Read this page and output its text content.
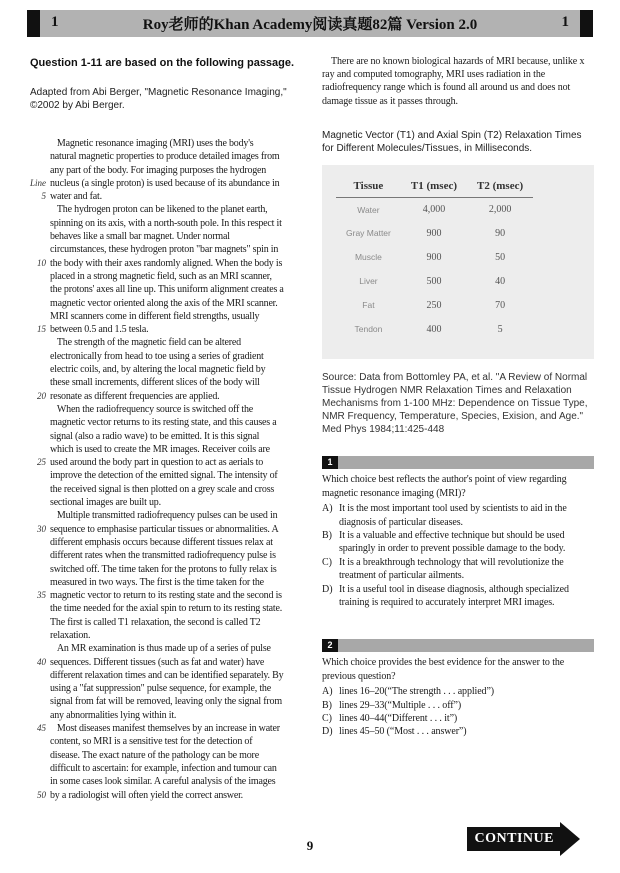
Roy老师的Khan Academy阅读真题82篇 Version 2.0
1	1
Question 1-11 are based on the following passage.
Adapted from Abi Berger, "Magnetic Resonance Imaging," ©2002 by Abi Berger.
Magnetic resonance imaging (MRI) uses the body's
natural magnetic properties to produce detailed images from
any part of the body. For imaging purposes the hydrogen
Line nucleus (a single proton) is used because of its abundance in
5 water and fat.
The hydrogen proton can be likened to the planet earth,
spinning on its axis, with a north-south pole. In this respect it
behaves like a small bar magnet. Under normal
circumstances, these hydrogen proton "bar magnets" spin in
10 the body with their axes randomly aligned. When the body is
placed in a strong magnetic field, such as an MRI scanner,
the protons' axes all line up. This uniform alignment creates a
magnetic vector oriented along the axis of the MRI scanner.
MRI scanners come in different field strengths, usually
15 between 0.5 and 1.5 tesla.
The strength of the magnetic field can be altered
electronically from head to toe using a series of gradient
electric coils, and, by altering the local magnetic field by
these small increments, different slices of the body will
20 resonate as different frequencies are applied.
When the radiofrequency source is switched off the
magnetic vector returns to its resting state, and this causes a
signal (also a radio wave) to be emitted. It is this signal
which is used to create the MR images. Receiver coils are
25 used around the body part in question to act as aerials to
improve the detection of the emitted signal. The intensity of
the received signal is then plotted on a grey scale and cross
sectional images are built up.
Multiple transmitted radiofrequency pulses can be used in
30 sequence to emphasise particular tissues or abnormalities. A
different emphasis occurs because different tissues relax at
different rates when the transmitted radiofrequency pulse is
switched off. The time taken for the protons to fully relax is
measured in two ways. The first is the time taken for the
35 magnetic vector to return to its resting state and the second is
the time needed for the axial spin to return to its resting state.
The first is called T1 relaxation, the second is called T2
relaxation.
An MR examination is thus made up of a series of pulse
40 sequences. Different tissues (such as fat and water) have
different relaxation times and can be identified separately. By
using a "fat suppression" pulse sequence, for example, the
signal from fat will be removed, leaving only the signal from
any abnormalities lying within it.
45 Most diseases manifest themselves by an increase in water
content, so MRI is a sensitive test for the detection of
disease. The exact nature of the pathology can be more
difficult to ascertain: for example, infection and tumour can
in some cases look similar. A careful analysis of the images
50 by a radiologist will often yield the correct answer.
There are no known biological hazards of MRI because, unlike x ray and computed tomography, MRI uses radiation in the radiofrequency range which is found all around us and does not damage tissue as it passes through.
Magnetic Vector (T1) and Axial Spin (T2) Relaxation Times for Different Molecules/Tissues, in Milliseconds.
Tissue	T1 (msec)	T2 (msec)
Water	4,000	2,000
Gray Matter	900	90
Muscle	900	50
Liver	500	40
Fat	250	70
Tendon	400	5
Source: Data from Bottomley PA, et al. "A Review of Normal Tissue Hydrogen NMR Relaxation Times and Relaxation Mechanisms from 1-100 MHz: Dependence on Tissue Type, NMR Frequency, Temperature, Species, Exision, and Age." Med Phys 1984;11:425-448
1
Which choice best reflects the author's point of view regarding magnetic resonance imaging (MRI)?
A) It is the most important tool used by scientists to aid in the diagnosis of particular diseases.
B) It is a valuable and effective technique but should be used sparingly in order to prevent possible damage to the body.
C) It is a breakthrough technology that will revolutionize the treatment of particular ailments.
D) It is a useful tool in disease diagnosis, although specialized training is required to accurately interpret MRI images.
2
Which choice provides the best evidence for the answer to the previous question?
A) lines 16–20(“The strength . . . applied”)
B) lines 29–33(“Multiple . . . off”)
C) lines 40–44(“Different . . . it”)
D) lines 45–50 (“Most . . . answer”)
9	CONTINUE
